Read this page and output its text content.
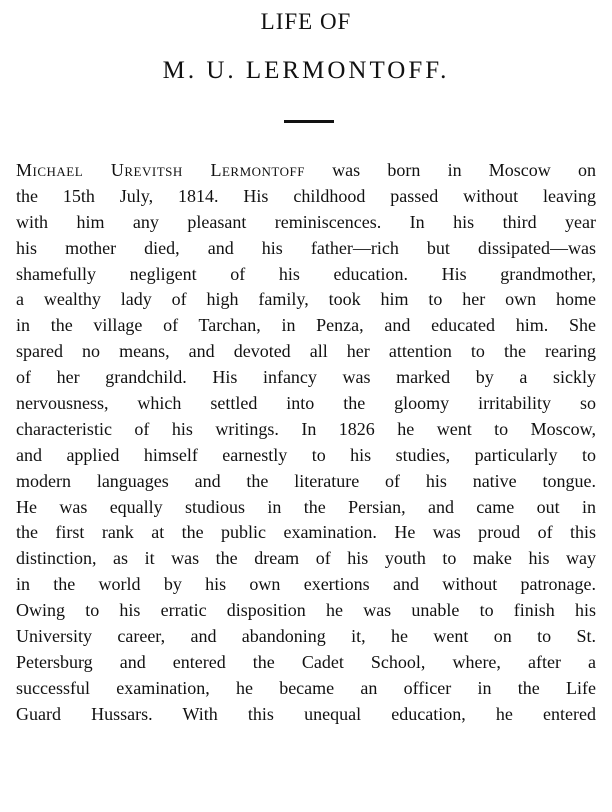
LIFE OF
M. U. LERMONTOFF.
Michael Urevitsh Lermontoff was born in Moscow on
the 15th July, 1814. His childhood passed without leaving
with him any pleasant reminiscences. In his third year
his mother died, and his father—rich but dissipated—was
shamefully negligent of his education. His grandmother,
a wealthy lady of high family, took him to her own home
in the village of Tarchan, in Penza, and educated him. She
spared no means, and devoted all her attention to the rearing
of her grandchild. His infancy was marked by a sickly
nervousness, which settled into the gloomy irritability so
characteristic of his writings. In 1826 he went to Moscow,
and applied himself earnestly to his studies, particularly to
modern languages and the literature of his native tongue.
He was equally studious in the Persian, and came out in
the first rank at the public examination. He was proud of this
distinction, as it was the dream of his youth to make his way
in the world by his own exertions and without patronage.
Owing to his erratic disposition he was unable to finish his
University career, and abandoning it, he went on to St.
Petersburg and entered the Cadet School, where, after a
successful examination, he became an officer in the Life
Guard Hussars. With this unequal education, he entered
